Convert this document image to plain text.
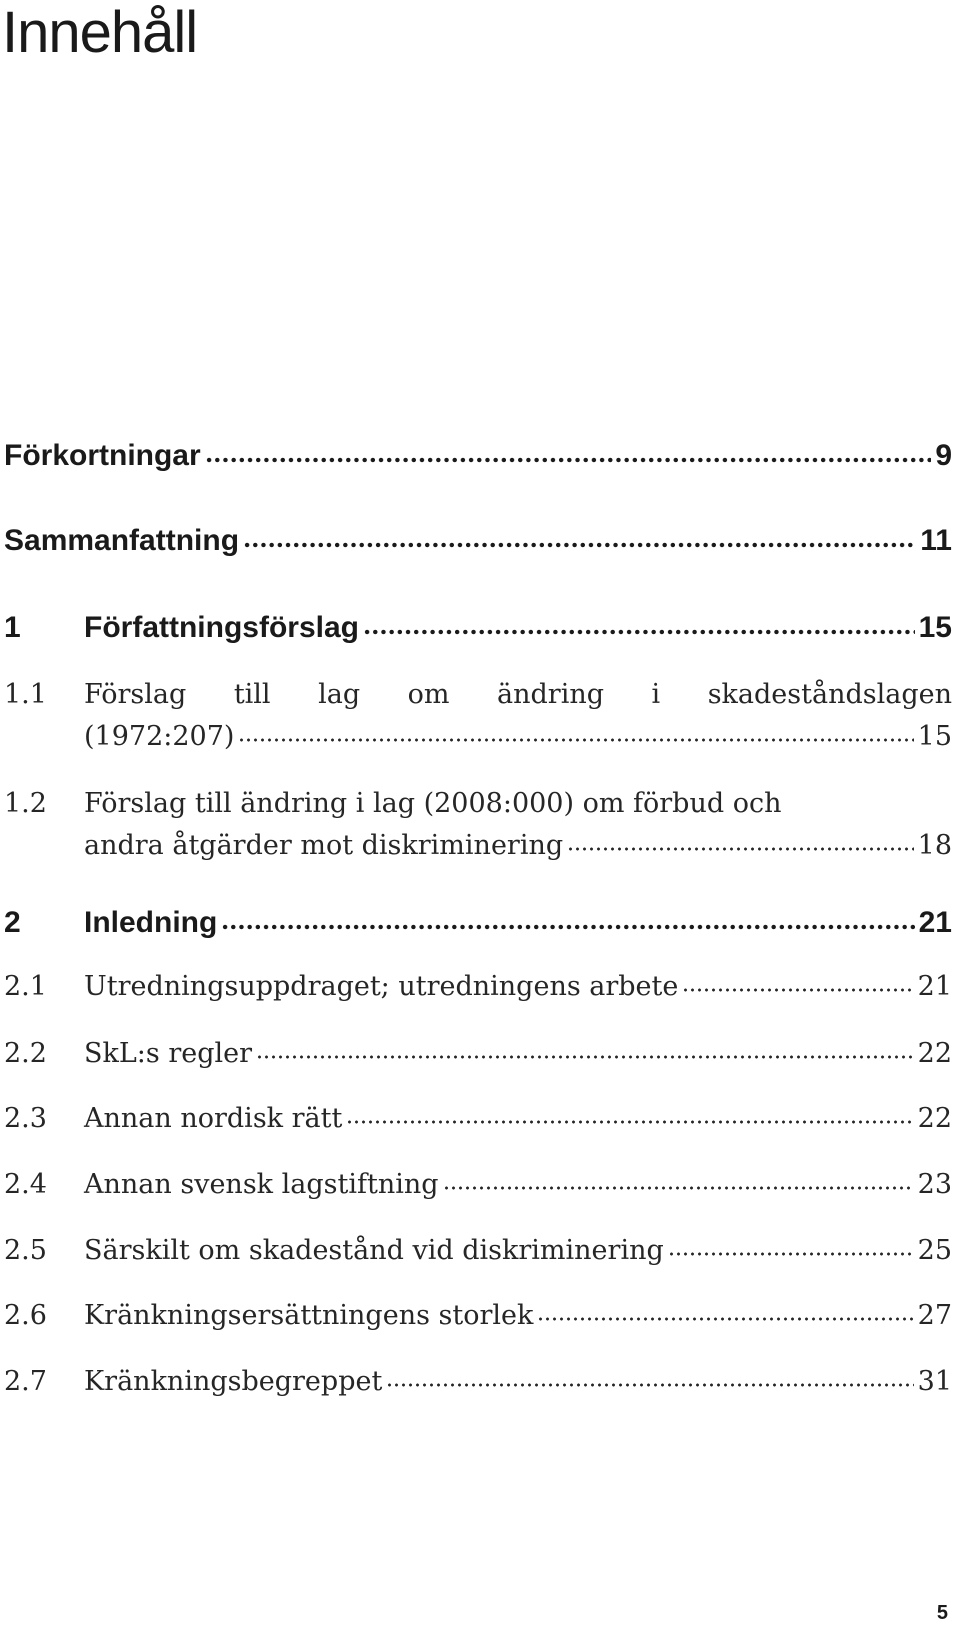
Innehåll
Förkortningar	9
Sammanfattning	11
1	Författningsförslag	15
1.1	Förslag till lag om ändring i skadeståndslagen
(1972:207)	15
1.2	Förslag till ändring i lag (2008:000) om förbud och
andra åtgärder mot diskriminering	18
2	Inledning	21
2.1	Utredningsuppdraget; utredningens arbete	21
2.2	SkL:s regler	22
2.3	Annan nordisk rätt	22
2.4	Annan svensk lagstiftning	23
2.5	Särskilt om skadestånd vid diskriminering	25
2.6	Kränkningsersättningens storlek	27
2.7	Kränkningsbegreppet	31
5
